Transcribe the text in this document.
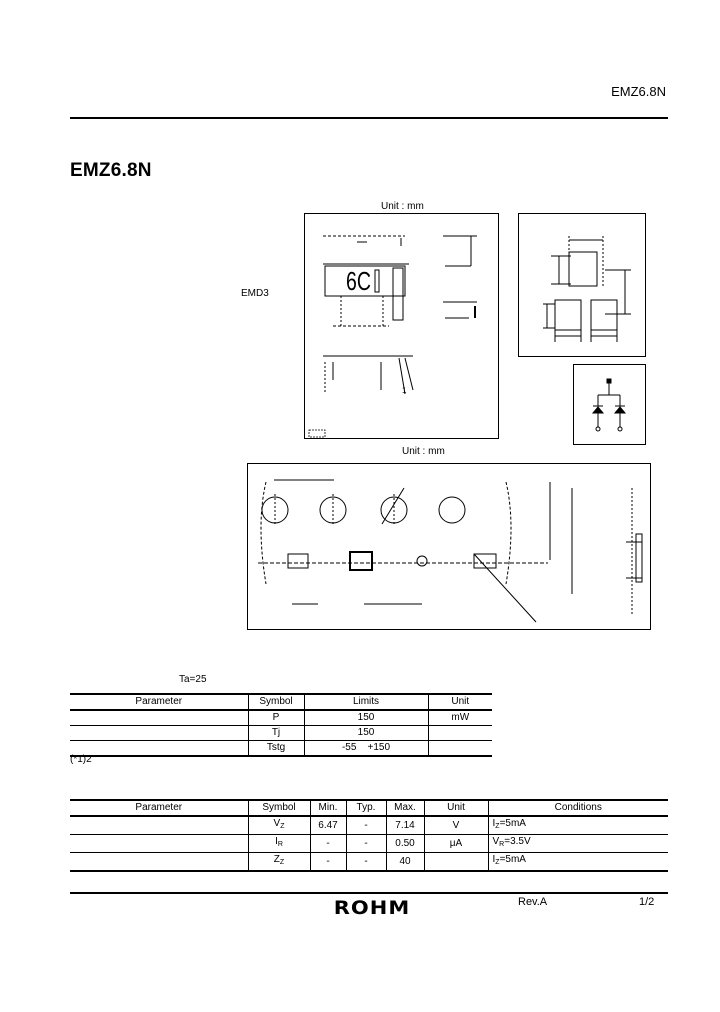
EMZ6.8N
EMZ6.8N
Unit : mm
EMD3	6C
1
Unit : mm
Ta=25
Parameter	Symbol	Limits	Unit
	P	150	mW
	Tj	150	
	Tstg	-55    +150	
(*1)2
Parameter	Symbol	Min.	Typ.	Max.	Unit	Conditions
	$V_Z$	6.47	-	7.14	V	$I_Z=5mA$
	$I_R$	-	-	0.50	μA	$V_R=3.5V$
	$Z_Z$	-	-	40		$I_Z=5mA$
ROHM	Rev.A	1/2
